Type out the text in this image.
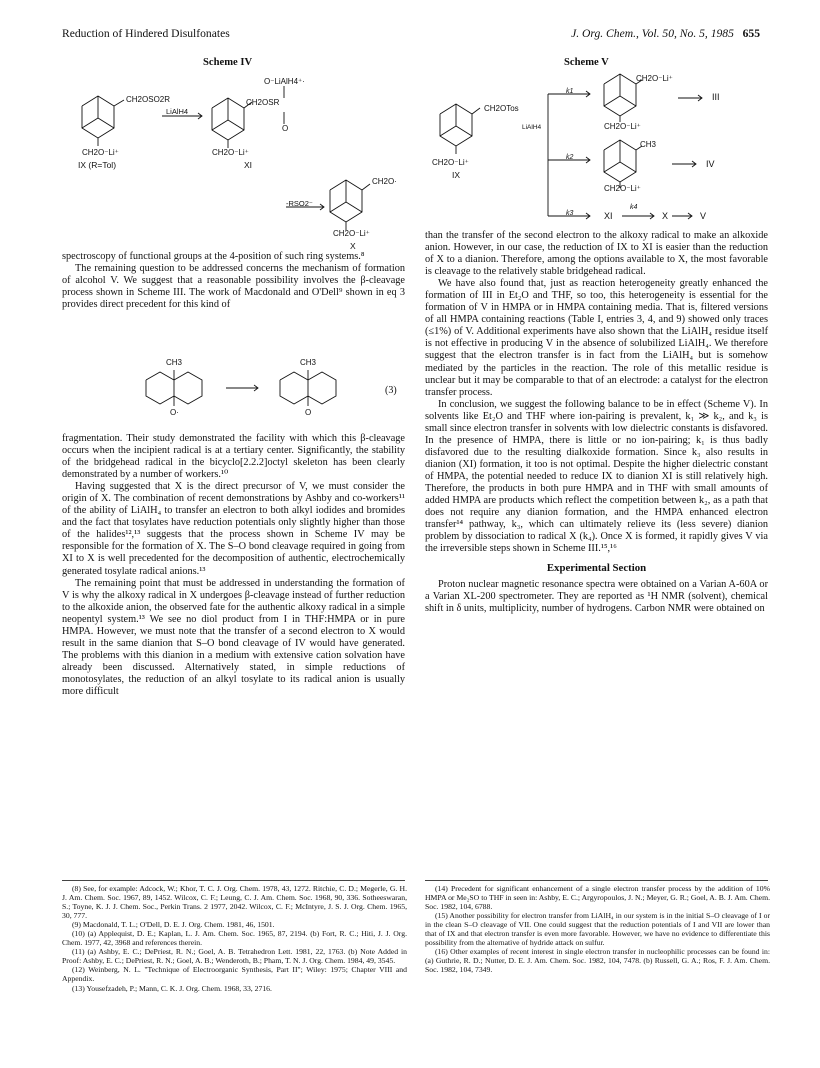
Reduction of Hindered Disulfonates	J. Org. Chem., Vol. 50, No. 5, 1985 655
Scheme IV
CH2OSO2R
CH2O⁻Li⁺
IX (R=Tol)
LiAlH4
O⁻LiAlH4⁺·
CH2OSR
O
CH2O⁻Li⁺
XI
-RSO2⁻
CH2O·
CH2O⁻Li⁺
X

spectroscopy of functional groups at the 4-position of such ring systems.⁸

The remaining question to be addressed concerns the mechanism of formation of alcohol V. We suggest that a reasonable possibility involves the β-cleavage process shown in Scheme III. The work of Macdonald and O'Dell⁹ shown in eq 3 provides direct precedent for this kind of

CH3
O·
CH3
O
(3)

fragmentation. Their study demonstrated the facility with which this β-cleavage occurs when the incipient radical is at a tertiary center. Significantly, the stability of the bridgehead radical in the bicyclo[2.2.2]octyl skeleton has been clearly demonstrated by a number of workers.¹⁰

Having suggested that X is the direct precursor of V, we must consider the origin of X. The combination of recent demonstrations by Ashby and co-workers¹¹ of the ability of LiAlH₄ to transfer an electron to both alkyl iodides and bromides and the fact that tosylates have reduction potentials only slightly higher than those of the halides¹²,¹³ suggests that the process shown in Scheme IV may be responsible for the formation of X. The S–O bond cleavage required in going from XI to X is well precedented for the decomposition of authentic, electrochemically generated tosylate radical anions.¹³

The remaining point that must be addressed in understanding the formation of V is why the alkoxy radical in X undergoes β-cleavage instead of further reduction to the alkoxide anion, the observed fate for the authentic alkoxy radical in a simple neopentyl system.¹³ We see no diol product from I in THF:HMPA or in pure HMPA. However, we must note that the transfer of a second electron to X would result in the same dianion that S–O bond cleavage of IV would have generated. The problems with this dianion in a medium with extensive cation solvation have already been discussed. Alternatively stated, in simple reductions of monotosylates, the reduction of an alkyl tosylate to its radical anion is usually more difficult

Scheme V
CH2OTos
CH2O⁻Li⁺
IX
LiAlH4
k1
k2
k3
CH2O⁻Li⁺
CH2O⁻Li⁺
III
CH3
CH2O⁻Li⁺
IV
XI
k4
X	V

than the transfer of the second electron to the alkoxy radical to make an alkoxide anion. However, in our case, the reduction of IX to XI is easier than the reduction of X to a dianion. Therefore, among the options available to X, the most favorable is cleavage to the relatively stable bridgehead radical.

We have also found that, just as reaction heterogeneity greatly enhanced the formation of III in Et₂O and THF, so too, this heterogeneity is essential for the formation of V in HMPA or in HMPA containing media. That is, filtered versions of all HMPA containing reactions (Table I, entries 3, 4, and 9) showed only traces (≤1%) of V. Additional experiments have also shown that the LiAlH₄ residue itself is not effective in producing V in the absence of solubilized LiAlH₄. We therefore suggest that the electron transfer is in fact from the LiAlH₄ but is somehow mediated by the particles in the reaction. The role of this metallic residue is unclear but it may be comparable to that of an electrode: a catalyst for the electron transfer process.

In conclusion, we suggest the following balance to be in effect (Scheme V). In solvents like Et₂O and THF where ion-pairing is prevalent, k₁ ≫ k₂, and k₃ is small since electron transfer in solvents with low dielectric constants is disfavored. In the presence of HMPA, there is little or no ion-pairing; k₁ is thus badly disfavored due to the resulting dialkoxide formation. Since k₃ also results in dianion (XI) formation, it too is not optimal. Despite the higher dielectric constant of HMPA, the potential needed to reduce IX to dianion XI is still relatively high. Therefore, the products in both pure HMPA and in THF with small amounts of added HMPA are products which reflect the competition between k₂, as a path that does not require any dianion formation, and the HMPA enhanced electron transfer¹⁴ pathway, k₃, which can ultimately relieve its (less severe) dianion problem by dissociation to radical X (k₄). Once X is formed, it rapidly gives V via the irreversible steps shown in Scheme III.¹⁵,¹⁶

Experimental Section

Proton nuclear magnetic resonance spectra were obtained on a Varian A-60A or a Varian XL-200 spectrometer. They are reported as ¹H NMR (solvent), chemical shift in δ units, multiplicity, number of hydrogens. Carbon NMR were obtained on

(8) See, for example: Adcock, W.; Khor, T. C. J. Org. Chem. 1978, 43, 1272. Ritchie, C. D.; Megerle, G. H. J. Am. Chem. Soc. 1967, 89, 1452. Wilcox, C. F.; Leung, C. J. Am. Chem. Soc. 1968, 90, 336. Sotheeswaran, S.; Toyne, K. J. J. Chem. Soc., Perkin Trans. 2 1977, 2042. Wilcox, C. F.; McIntyre, J. S. J. Org. Chem. 1965, 30, 777.

(9) Macdonald, T. L.; O'Dell, D. E. J. Org. Chem. 1981, 46, 1501.

(10) (a) Applequist, D. E.; Kaplan, L. J. Am. Chem. Soc. 1965, 87, 2194. (b) Fort, R. C.; Hiti, J. J. Org. Chem. 1977, 42, 3968 and references therein.

(11) (a) Ashby, E. C.; DePriest, R. N.; Goel, A. B. Tetrahedron Lett. 1981, 22, 1763. (b) Note Added in Proof: Ashby, E. C.; DePriest, R. N.; Goel, A. B.; Wenderoth, B.; Pham, T. N. J. Org. Chem. 1984, 49, 3545.

(12) Weinberg, N. L. "Technique of Electroorganic Synthesis, Part II"; Wiley: 1975; Chapter VIII and Appendix.

(13) Yousefzadeh, P.; Mann, C. K. J. Org. Chem. 1968, 33, 2716.

(14) Precedent for significant enhancement of a single electron transfer process by the addition of 10% HMPA or Me₂SO to THF in seen in: Ashby, E. C.; Argyropoulos, J. N.; Meyer, G. R.; Goel, A. B. J. Am. Chem. Soc. 1982, 104, 6788.

(15) Another possibility for electron transfer from LiAlH₄ in our system is in the initial S–O cleavage of I or in the clean S–O cleavage of VII. One could suggest that the reduction potentials of I and VII are lower than that of IX and that electron transfer is even more favorable. However, we have no evidence to differentiate this possibility from the alternative of hydride attack on sulfur.

(16) Other examples of recent interest in single electron transfer in nucleophilic processes can be found in: (a) Guthrie, R. D.; Nutter, D. E. J. Am. Chem. Soc. 1982, 104, 7478. (b) Russell, G. A.; Ros, F. J. Am. Chem. Soc. 1982, 104, 7349.
